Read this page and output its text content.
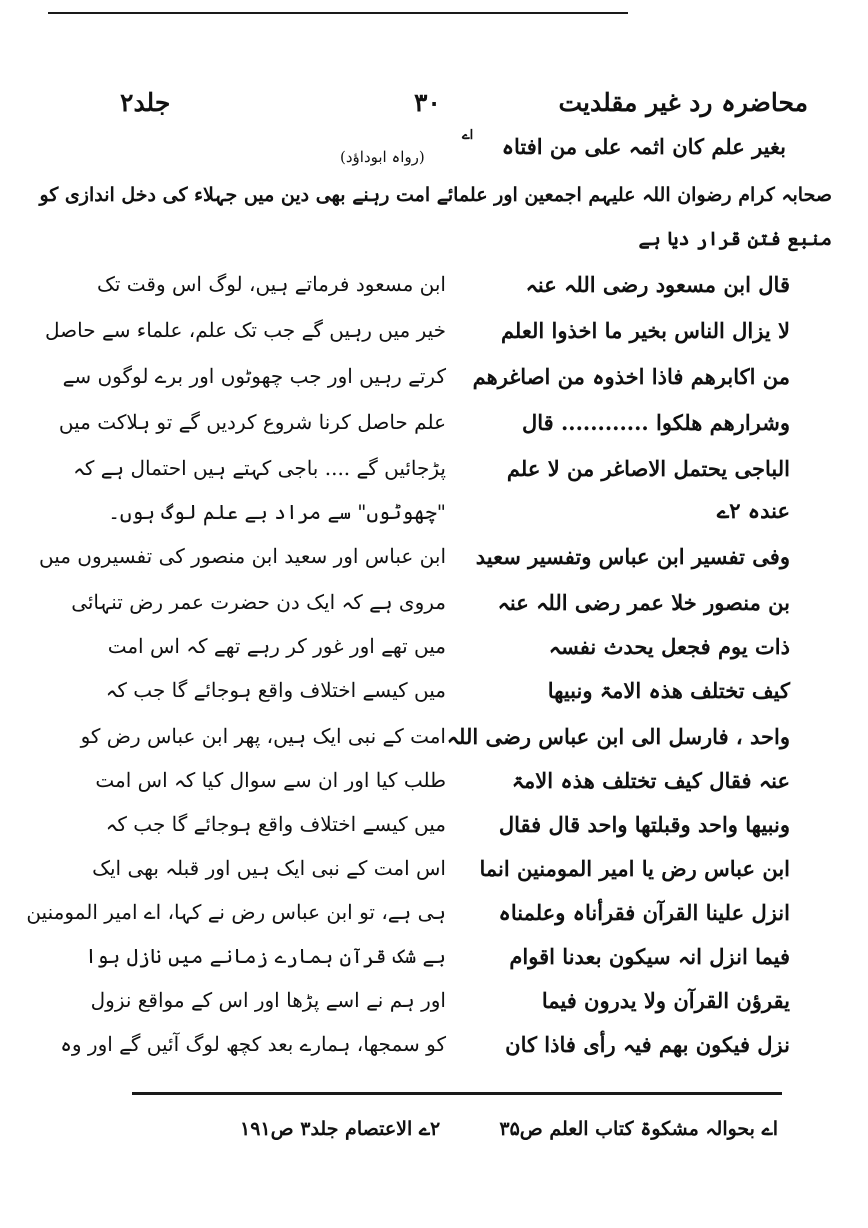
محاضرہ رد غیر مقلدیت
۳۰
جلد۲
بغیر علم کان اثمہ علی من افتاہ
اے
(رواہ ابوداؤد)
صحابہ کرام رضوان اللہ علیہم اجمعین اور علمائے امت رہنے بھی دین میں جہلاء کی دخل اندازی کو
منبع فتن قرار دیا ہے
قال ابن مسعود رضی اللہ عنہ
لا یزال الناس بخیر ما اخذوا العلم
من اکابرھم فاذا اخذوہ من اصاغرھم
وشرارھم ھلکوا ............ قال
الباجی یحتمل الاصاغر من لا علم
عندہ ۲ے
وفی تفسیر ابن عباس وتفسیر سعید
بن منصور خلا عمر رضی اللہ عنہ
ذات یوم فجعل یحدث نفسہ
کیف تختلف ھذہ الامۃ ونبیھا
واحد ، فارسل الی ابن عباس رضی اللہ
عنہ فقال کیف تختلف ھذہ الامۃ
ونبیھا واحد وقبلتھا واحد قال فقال
ابن عباس رض یا امیر المومنین انما
انزل علینا القرآن فقرأناہ وعلمناہ
فیما انزل انہ سیکون بعدنا اقوام
یقرؤن القرآن ولا یدرون فیما
نزل فیکون بھم فیہ رأی فاذا کان
ابن مسعود فرماتے ہیں، لوگ اس وقت تک
خیر میں رہیں گے جب تک علم، علماء سے حاصل
کرتے رہیں اور جب چھوٹوں اور برے لوگوں سے
علم حاصل کرنا شروع کردیں گے تو ہلاکت میں
پڑجائیں گے .... باجی کہتے ہیں احتمال ہے کہ
"چھوٹوں" سے مراد بے علم لوگ ہوں۔
ابن عباس اور سعید ابن منصور کی تفسیروں میں
مروی ہے کہ ایک دن حضرت عمر رض تنہائی
میں تھے اور غور کر رہے تھے کہ اس امت
میں کیسے اختلاف واقع ہوجائے گا جب کہ
امت کے نبی ایک ہیں، پھر ابن عباس رض کو
طلب کیا اور ان سے سوال کیا کہ اس امت
میں کیسے اختلاف واقع ہوجائے گا جب کہ
اس امت کے نبی ایک ہیں اور قبلہ بھی ایک
ہی ہے، تو ابن عباس رض نے کہا، اے امیر المومنین
بے شک قرآن ہمارے زمانے میں نازل ہوا
اور ہم نے اسے پڑھا اور اس کے مواقع نزول
کو سمجھا، ہمارے بعد کچھ لوگ آئیں گے اور وہ
اے بحوالہ مشکوۃ کتاب العلم ص۳۵
۲ے الاعتصام جلد۳ ص۱۹۱
